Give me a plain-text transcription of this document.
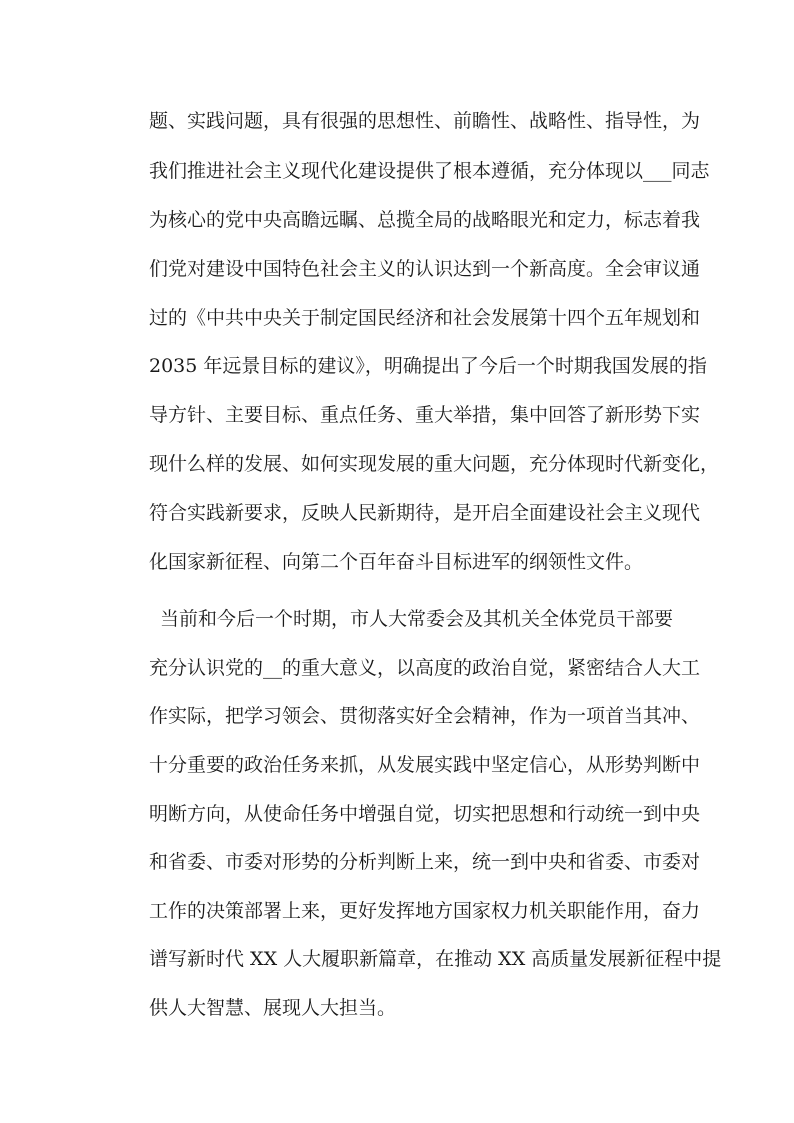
题、实践问题，具有很强的思想性、前瞻性、战略性、指导性，为
我们推进社会主义现代化建设提供了根本遵循，充分体现以___同志
为核心的党中央高瞻远瞩、总揽全局的战略眼光和定力，标志着我
们党对建设中国特色社会主义的认识达到一个新高度。全会审议通
过的《中共中央关于制定国民经济和社会发展第十四个五年规划和
2035 年远景目标的建议》，明确提出了今后一个时期我国发展的指
导方针、主要目标、重点任务、重大举措，集中回答了新形势下实
现什么样的发展、如何实现发展的重大问题，充分体现时代新变化，
符合实践新要求，反映人民新期待，是开启全面建设社会主义现代
化国家新征程、向第二个百年奋斗目标进军的纲领性文件。
当前和今后一个时期，市人大常委会及其机关全体党员干部要
充分认识党的__的重大意义，以高度的政治自觉，紧密结合人大工
作实际，把学习领会、贯彻落实好全会精神，作为一项首当其冲、
十分重要的政治任务来抓，从发展实践中坚定信心，从形势判断中
明断方向，从使命任务中增强自觉，切实把思想和行动统一到中央
和省委、市委对形势的分析判断上来，统一到中央和省委、市委对
工作的决策部署上来，更好发挥地方国家权力机关职能作用，奋力
谱写新时代 XX 人大履职新篇章，在推动 XX 高质量发展新征程中提
供人大智慧、展现人大担当。
